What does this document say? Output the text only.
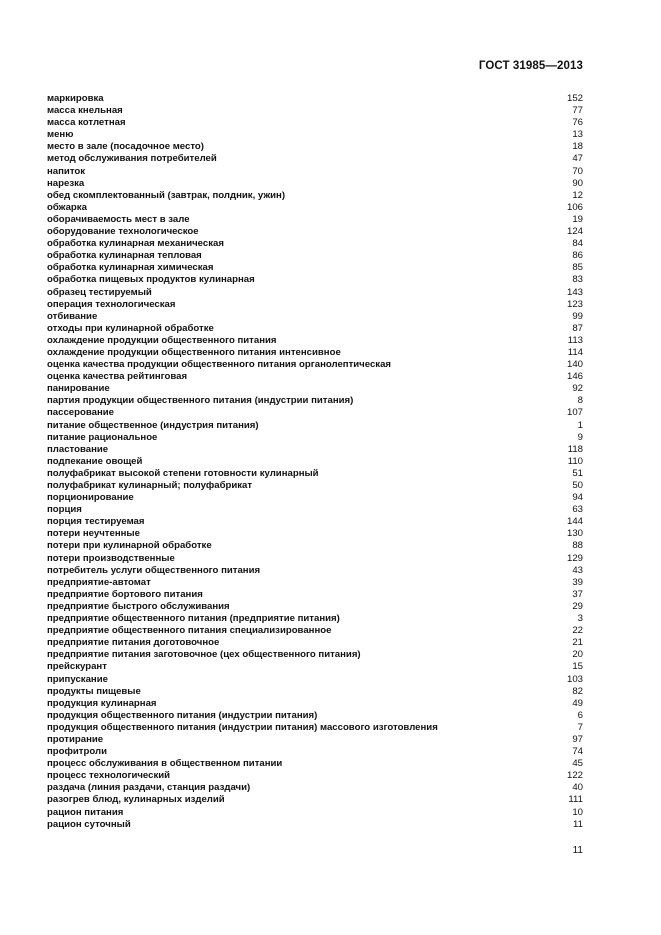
ГОСТ 31985—2013
маркировка	152
масса кнельная	77
масса котлетная	76
меню	13
место в зале (посадочное место)	18
метод обслуживания потребителей	47
напиток	70
нарезка	90
обед скомплектованный (завтрак, полдник, ужин)	12
обжарка	106
оборачиваемость мест в зале	19
оборудование технологическое	124
обработка кулинарная механическая	84
обработка кулинарная тепловая	86
обработка кулинарная химическая	85
обработка пищевых продуктов кулинарная	83
образец тестируемый	143
операция технологическая	123
отбивание	99
отходы при кулинарной обработке	87
охлаждение продукции общественного питания	113
охлаждение продукции общественного питания интенсивное	114
оценка качества продукции общественного питания органолептическая	140
оценка качества рейтинговая	146
панирование	92
партия продукции общественного питания (индустрии питания)	8
пассерование	107
питание общественное (индустрия питания)	1
питание рациональное	9
пластование	118
подпекание овощей	110
полуфабрикат высокой степени готовности кулинарный	51
полуфабрикат кулинарный; полуфабрикат	50
порционирование	94
порция	63
порция тестируемая	144
потери неучтенные	130
потери при кулинарной обработке	88
потери производственные	129
потребитель услуги общественного питания	43
предприятие-автомат	39
предприятие бортового питания	37
предприятие быстрого обслуживания	29
предприятие общественного питания (предприятие питания)	3
предприятие общественного питания специализированное	22
предприятие питания доготовочное	21
предприятие питания заготовочное (цех общественного питания)	20
прейскурант	15
припускание	103
продукты пищевые	82
продукция кулинарная	49
продукция общественного питания (индустрии питания)	6
продукция общественного питания (индустрии питания) массового изготовления	7
протирание	97
профитроли	74
процесс обслуживания в общественном питании	45
процесс технологический	122
раздача (линия раздачи, станция раздачи)	40
разогрев блюд, кулинарных изделий	111
рацион питания	10
рацион суточный	11
11
